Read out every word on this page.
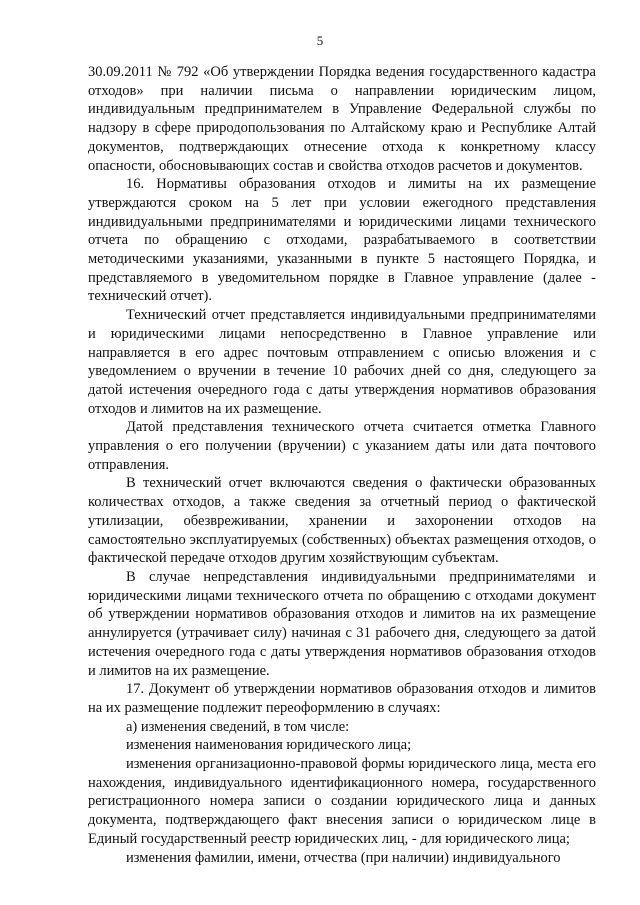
5

30.09.2011 № 792 «Об утверждении Порядка ведения государственного кадастра отходов» при наличии письма о направлении юридическим лицом, индивидуальным предпринимателем в Управление Федеральной службы по надзору в сфере природопользования по Алтайскому краю и Республике Алтай документов, подтверждающих отнесение отхода к конкретному классу опасности, обосновывающих состав и свойства отходов расчетов и документов.

16. Нормативы образования отходов и лимиты на их размещение утверждаются сроком на 5 лет при условии ежегодного представления индивидуальными предпринимателями и юридическими лицами технического отчета по обращению с отходами, разрабатываемого в соответствии методическими указаниями, указанными в пункте 5 настоящего Порядка, и представляемого в уведомительном порядке в Главное управление (далее - технический отчет).

Технический отчет представляется индивидуальными предпринимателями и юридическими лицами непосредственно в Главное управление или направляется в его адрес почтовым отправлением с описью вложения и с уведомлением о вручении в течение 10 рабочих дней со дня, следующего за датой истечения очередного года с даты утверждения нормативов образования отходов и лимитов на их размещение.

Датой представления технического отчета считается отметка Главного управления о его получении (вручении) с указанием даты или дата почтового отправления.

В технический отчет включаются сведения о фактически образованных количествах отходов, а также сведения за отчетный период о фактической утилизации, обезвреживании, хранении и захоронении отходов на самостоятельно эксплуатируемых (собственных) объектах размещения отходов, о фактической передаче отходов другим хозяйствующим субъектам.

В случае непредставления индивидуальными предпринимателями и юридическими лицами технического отчета по обращению с отходами документ об утверждении нормативов образования отходов и лимитов на их размещение аннулируется (утрачивает силу) начиная с 31 рабочего дня, следующего за датой истечения очередного года с даты утверждения нормативов образования отходов и лимитов на их размещение.

17. Документ об утверждении нормативов образования отходов и лимитов на их размещение подлежит переоформлению в случаях:

а) изменения сведений, в том числе:

изменения наименования юридического лица;

изменения организационно-правовой формы юридического лица, места его нахождения, индивидуального идентификационного номера, государственного регистрационного номера записи о создании юридического лица и данных документа, подтверждающего факт внесения записи о юридическом лице в Единый государственный реестр юридических лиц, - для юридического лица;

изменения фамилии, имени, отчества (при наличии) индивидуального
